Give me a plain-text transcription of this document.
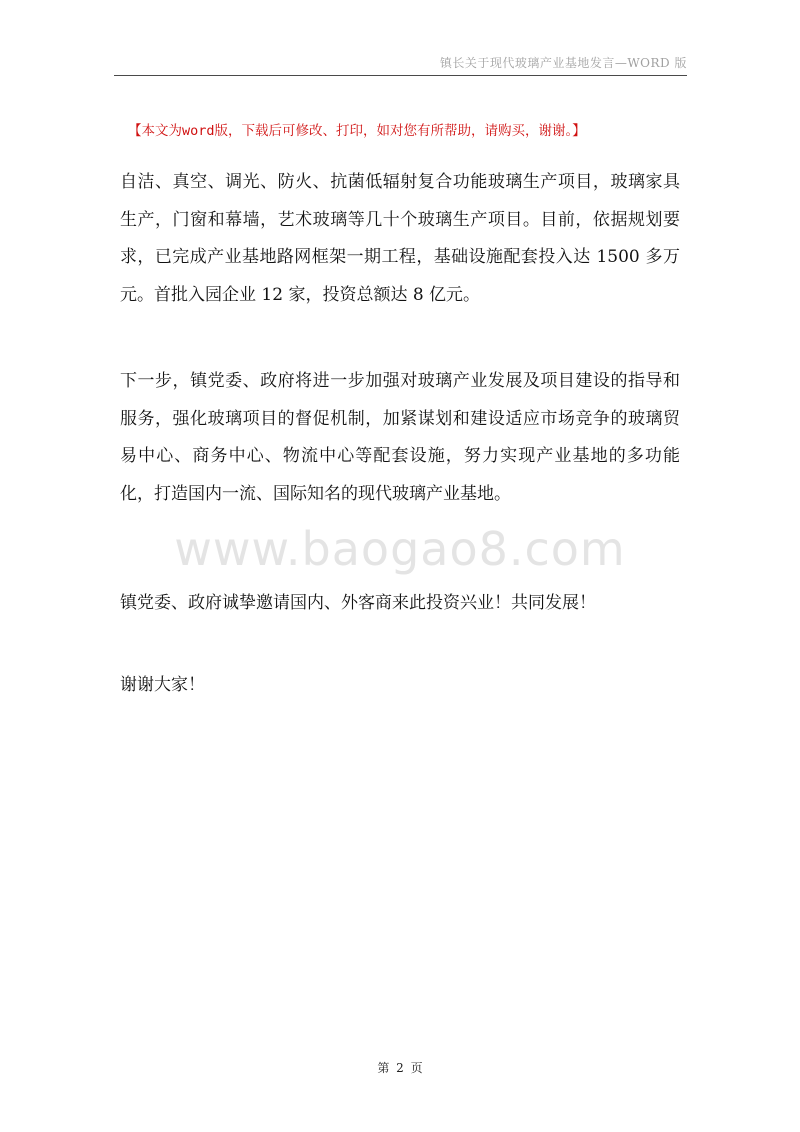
镇长关于现代玻璃产业基地发言—WORD 版
【本文为word版，下载后可修改、打印，如对您有所帮助，请购买，谢谢。】
自洁、真空、调光、防火、抗菌低辐射复合功能玻璃生产项目，玻璃家具生产，门窗和幕墙，艺术玻璃等几十个玻璃生产项目。目前，依据规划要求，已完成产业基地路网框架一期工程，基础设施配套投入达 1500 多万元。首批入园企业 12 家，投资总额达 8 亿元。
下一步，镇党委、政府将进一步加强对玻璃产业发展及项目建设的指导和服务，强化玻璃项目的督促机制，加紧谋划和建设适应市场竞争的玻璃贸易中心、商务中心、物流中心等配套设施，努力实现产业基地的多功能化，打造国内一流、国际知名的现代玻璃产业基地。
www.baogao8.com
镇党委、政府诚挚邀请国内、外客商来此投资兴业！共同发展！
谢谢大家！
第 2 页
